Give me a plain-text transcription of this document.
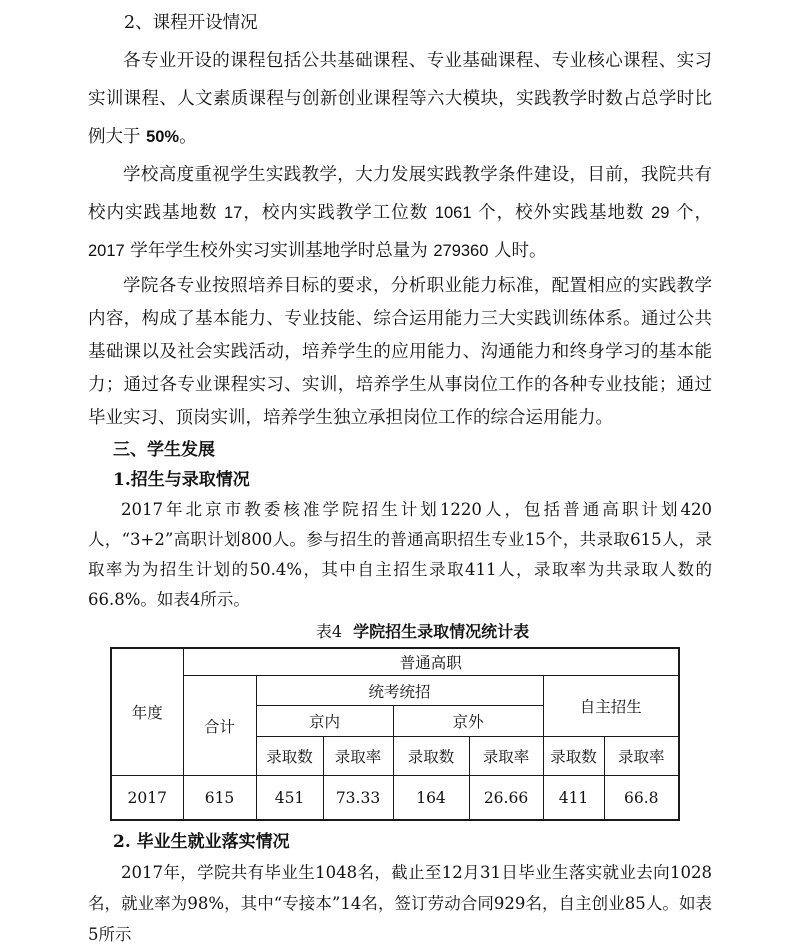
2、课程开设情况

各专业开设的课程包括公共基础课程、专业基础课程、专业核心课程、实习实训课程、人文素质课程与创新创业课程等六大模块，实践教学时数占总学时比例大于 50%。

学校高度重视学生实践教学，大力发展实践教学条件建设，目前，我院共有校内实践基地数 17，校内实践教学工位数 1061 个，校外实践基地数 29 个，2017 学年学生校外实习实训基地学时总量为 279360 人时。

学院各专业按照培养目标的要求，分析职业能力标准，配置相应的实践教学内容，构成了基本能力、专业技能、综合运用能力三大实践训练体系。通过公共基础课以及社会实践活动，培养学生的应用能力、沟通能力和终身学习的基本能力；通过各专业课程实习、实训，培养学生从事岗位工作的各种专业技能；通过毕业实习、顶岗实训，培养学生独立承担岗位工作的综合运用能力。

三、学生发展

1.招生与录取情况

2017年北京市教委核准学院招生计划1220人，包括普通高职计划420人，“3+2”高职计划800人。参与招生的普通高职招生专业15个，共录取615人，录取率为为招生计划的50.4%，其中自主招生录取411人，录取率为共录取人数的66.8%。如表4所示。

表4 学院招生录取情况统计表
年度	普通高职						
	合计	统考统招				自主招生	
		京内		京外			
		录取数	录取率	录取数	录取率	录取数	录取率
2017	615	451	73.33	164	26.66	411	66.8

2. 毕业生就业落实情况

2017年，学院共有毕业生1048名，截止至12月31日毕业生落实就业去向1028名，就业率为98%，其中“专接本”14名，签订劳动合同929名，自主创业85人。如表5所示
